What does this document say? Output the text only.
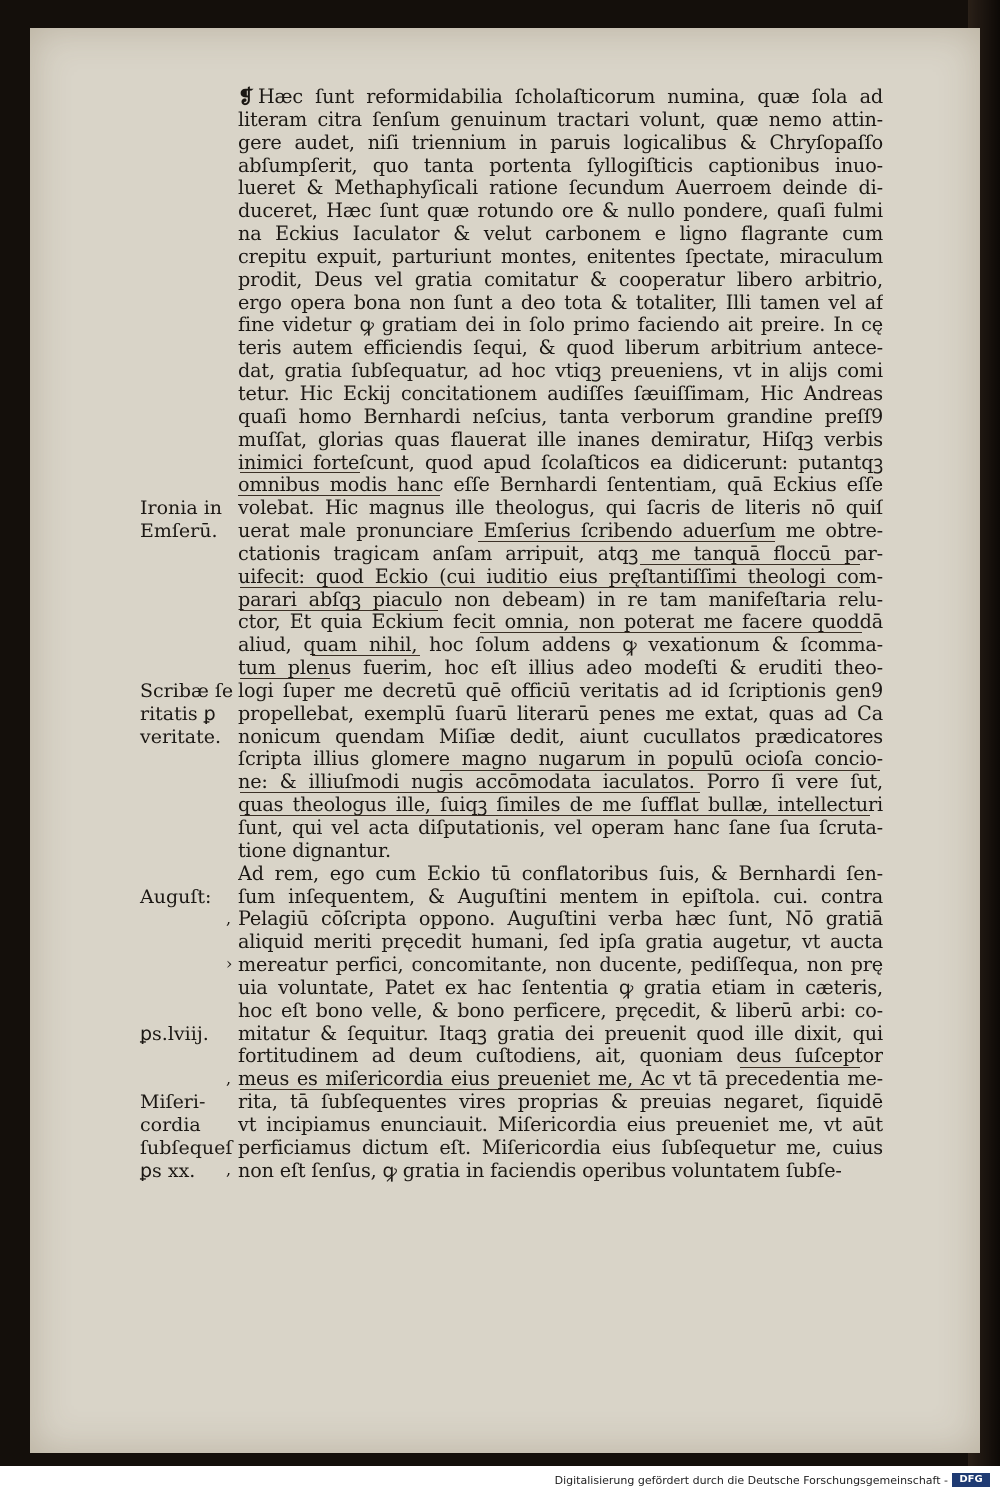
❡ Hæc ſunt reformidabilia ſcholaſticorum numina, quæ ſola ad
literam citra ſenſum genuinum tractari volunt, quæ nemo attin-
gere audet, niſi triennium in paruis logicalibus & Chryſopaſſo
abſumpſerit, quo tanta portenta ſyllogiſticis captionibus inuo-
lueret & Methaphyſicali ratione ſecundum Auerroem deinde di-
duceret, Hæc ſunt quæ rotundo ore & nullo pondere, quaſi fulmi
na Eckius Iaculator & velut carbonem e ligno flagrante cum
crepitu expuit, parturiunt montes, enitentes ſpectate, miraculum
prodit, Deus vel gratia comitatur & cooperatur libero arbitrio,
ergo opera bona non ſunt a deo tota & totaliter, Illi tamen vel af
fine videtur ꝙ gratiam dei in ſolo primo faciendo ait preire. In cę
teris autem efficiendis ſequi, & quod liberum arbitrium antece-
dat, gratia ſubſequatur, ad hoc vtiqꝫ preueniens, vt in alijs comi
tetur. Hic Eckij concitationem audiſſes ſæuiſſimam, Hic Andreas
quaſi homo Bernhardi neſcius, tanta verborum grandine preſſ9
muſſat, glorias quas flauerat ille inanes demiratur, Hiſqꝫ verbis
inimici forteſcunt, quod apud ſcolaſticos ea didicerunt: putantqꝫ
omnibus modis hanc eſſe Bernhardi ſententiam, quā Eckius eſſe
volebat. Hic magnus ille theologus, qui ſacris de literis nō quiſ
uerat male pronunciare Emſerius ſcribendo aduerſum me obtre-
ctationis tragicam anſam arripuit, atqꝫ me tanquā floccū par-
uifecit: quod Eckio (cui iuditio eius pręſtantiſſimi theologi com-
parari abſqꝫ piaculo non debeam) in re tam manifeſtaria relu-
ctor, Et quia Eckium fecit omnia, non poterat me facere quoddā
aliud, quam nihil, hoc ſolum addens ꝙ vexationum & ſcomma-
tum plenus fuerim, hoc eſt illius adeo modeſti & eruditi theo-
logi ſuper me decretū quē officiū veritatis ad id ſcriptionis gen9
propellebat, exemplū ſuarū literarū penes me extat, quas ad Ca
nonicum quendam Miſiæ dedit, aiunt cucullatos prædicatores
ſcripta illius glomere magno nugarum in populū ocioſa concio-
ne: & illiuſmodi nugis accōmodata iaculatos. Porro ſi vere ſut,
quas theologus ille, ſuiqꝫ ſimiles de me ſufflat bullæ, intellecturi
ſunt, qui vel acta diſputationis, vel operam hanc ſane ſua ſcruta-
tione dignantur.
Ad rem, ego cum Eckio tū conflatoribus ſuis, & Bernhardi ſen-
ſum inſequentem, & Auguſtini mentem in epiſtola. cui. contra
Pelagiū cōſcripta oppono. Auguſtini verba hæc ſunt, Nō gratiā
aliquid meriti pręcedit humani, ſed ipſa gratia augetur, vt aucta
mereatur perfici, concomitante, non ducente, pediſſequa, non prę
uia voluntate, Patet ex hac ſententia ꝙ gratia etiam in cæteris,
hoc eſt bono velle, & bono perficere, pręcedit, & liberū arbi: co-
mitatur & ſequitur. Itaqꝫ gratia dei preuenit quod ille dixit, qui
fortitudinem ad deum cuſtodiens, ait, quoniam deus ſuſceptor
meus es miſericordia eius preueniet me, Ac vt tā precedentia me-
rita, tā ſubſequentes vires proprias & preuias negaret, ſiquidē
vt incipiamus enunciauit. Miſericordia eius preueniet me, vt aūt
perficiamus dictum eſt. Miſericordia eius ſubſequetur me, cuius
non eſt ſenſus, ꝙ gratia in faciendis operibus voluntatem ſubſe-
Ironia in
Emſerū.
Scribæ ſe
ritatis ꝑ
veritate.
Auguſt:
ꝑs.lviij.
Miſeri-
cordia
ſubſequeſ
ꝑs xx.
,
›
,
,
Digitalisierung gefördert durch die Deutsche Forschungsgemeinschaft -	DFG
